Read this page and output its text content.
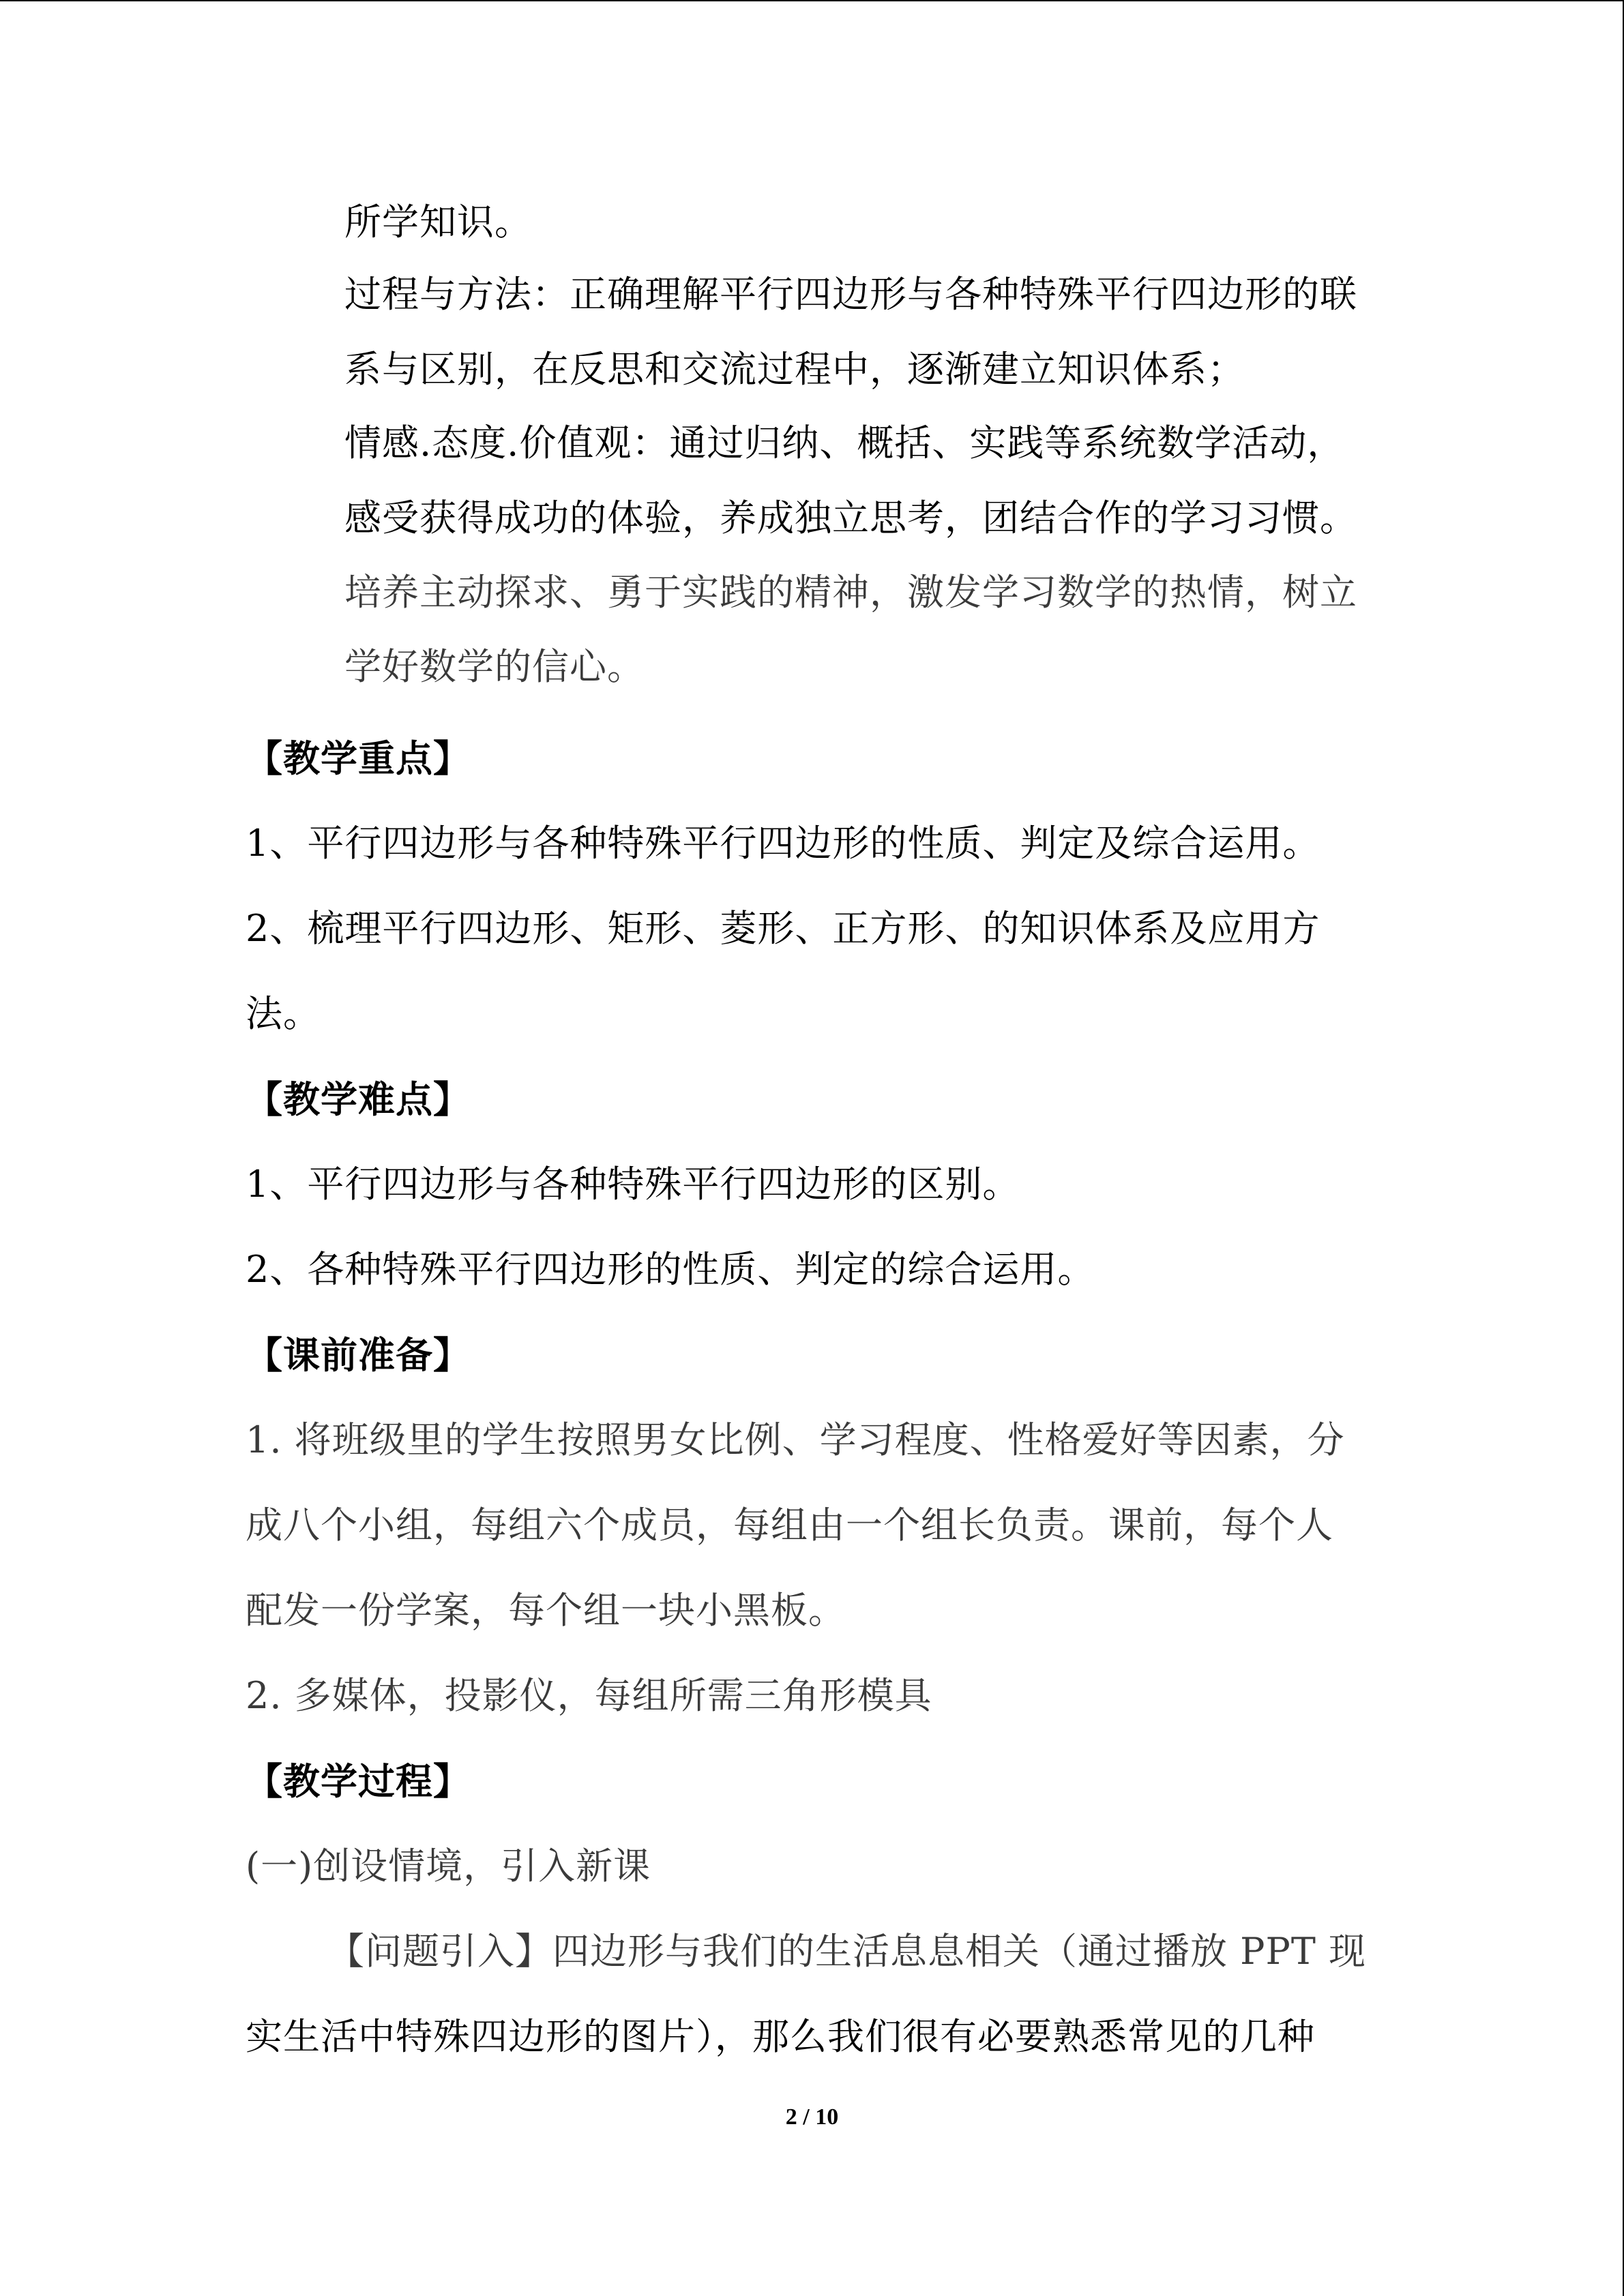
所学知识。
过程与方法：正确理解平行四边形与各种特殊平行四边形的联
系与区别，在反思和交流过程中，逐渐建立知识体系；
情感.态度.价值观：通过归纳、概括、实践等系统数学活动，
感受获得成功的体验，养成独立思考，团结合作的学习习惯。
培养主动探求、勇于实践的精神，激发学习数学的热情，树立
学好数学的信心。
【教学重点】
1、平行四边形与各种特殊平行四边形的性质、判定及综合运用。
2、梳理平行四边形、矩形、菱形、正方形、的知识体系及应用方
法。
【教学难点】
1、平行四边形与各种特殊平行四边形的区别。
2、各种特殊平行四边形的性质、判定的综合运用。
【课前准备】
1. 将班级里的学生按照男女比例、学习程度、性格爱好等因素，分
成八个小组，每组六个成员，每组由一个组长负责。课前，每个人
配发一份学案，每个组一块小黑板。
2. 多媒体，投影仪，每组所需三角形模具
【教学过程】
(一)创设情境，引入新课
【问题引入】四边形与我们的生活息息相关（通过播放 PPT 现
实生活中特殊四边形的图片），那么我们很有必要熟悉常见的几种
2 / 10
